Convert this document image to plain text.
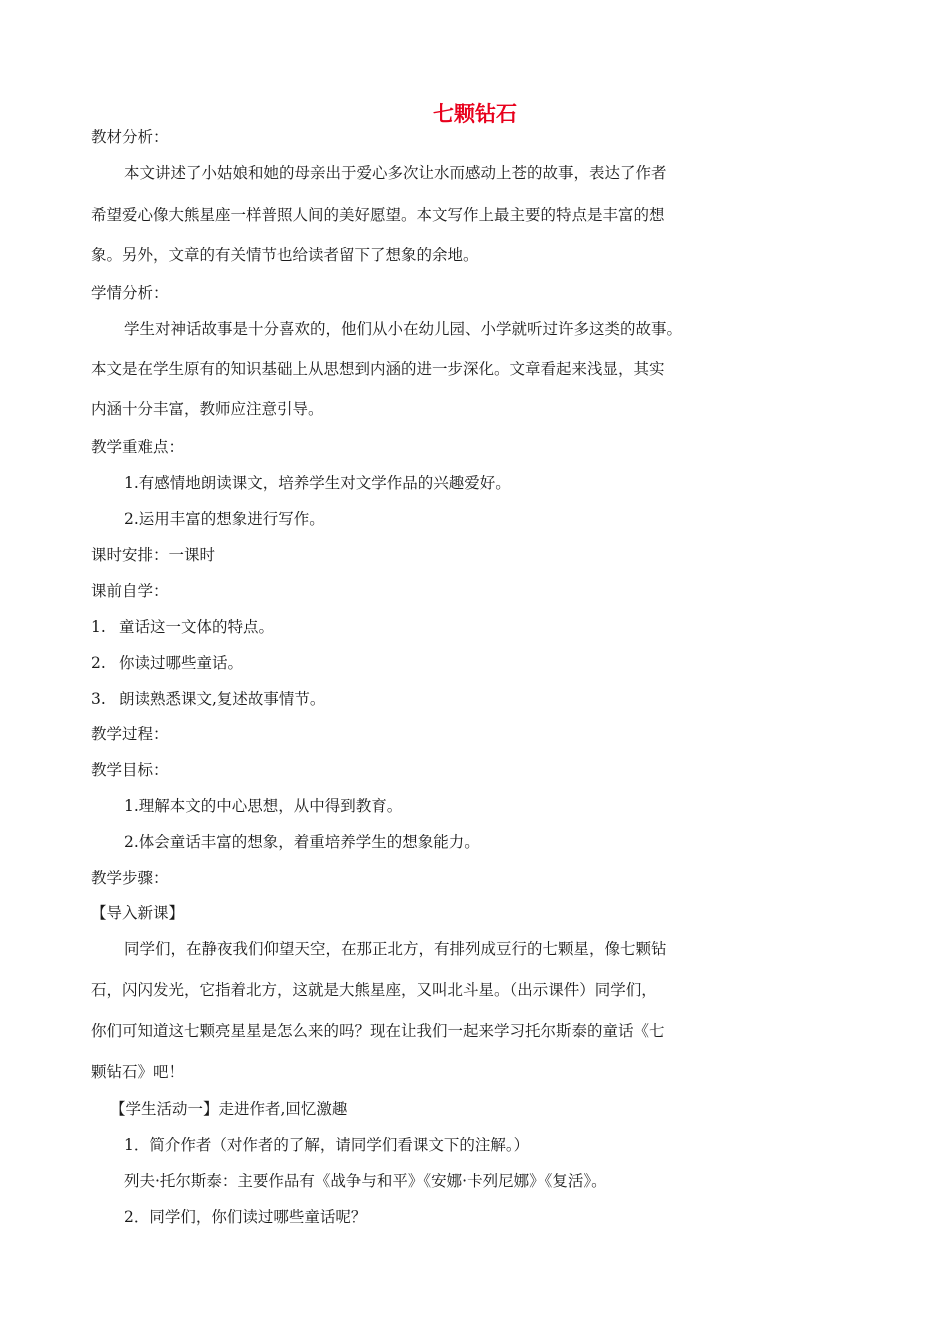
七颗钻石
教材分析：
本文讲述了小姑娘和她的母亲出于爱心多次让水而感动上苍的故事，表达了作者
希望爱心像大熊星座一样普照人间的美好愿望。本文写作上最主要的特点是丰富的想
象。另外，文章的有关情节也给读者留下了想象的余地。
学情分析：
学生对神话故事是十分喜欢的，他们从小在幼儿园、小学就听过许多这类的故事。
本文是在学生原有的知识基础上从思想到内涵的进一步深化。文章看起来浅显，其实
内涵十分丰富，教师应注意引导。
教学重难点：
1.有感情地朗读课文，培养学生对文学作品的兴趣爱好。
2.运用丰富的想象进行写作。
课时安排：一课时
课前自学：
1. 童话这一文体的特点。
2. 你读过哪些童话。
3. 朗读熟悉课文,复述故事情节。
教学过程：
教学目标：
1.理解本文的中心思想，从中得到教育。
2.体会童话丰富的想象，着重培养学生的想象能力。
教学步骤：
【导入新课】
同学们，在静夜我们仰望天空，在那正北方，有排列成豆行的七颗星，像七颗钻
石，闪闪发光，它指着北方，这就是大熊星座，又叫北斗星。（出示课件）同学们，
你们可知道这七颗亮星星是怎么来的吗？现在让我们一起来学习托尔斯泰的童话《七
颗钻石》吧！
【学生活动一】走进作者,回忆激趣
1．简介作者（对作者的了解，请同学们看课文下的注解。）
列夫·托尔斯泰：主要作品有《战争与和平》《安娜·卡列尼娜》《复活》。
2．同学们，你们读过哪些童话呢？
